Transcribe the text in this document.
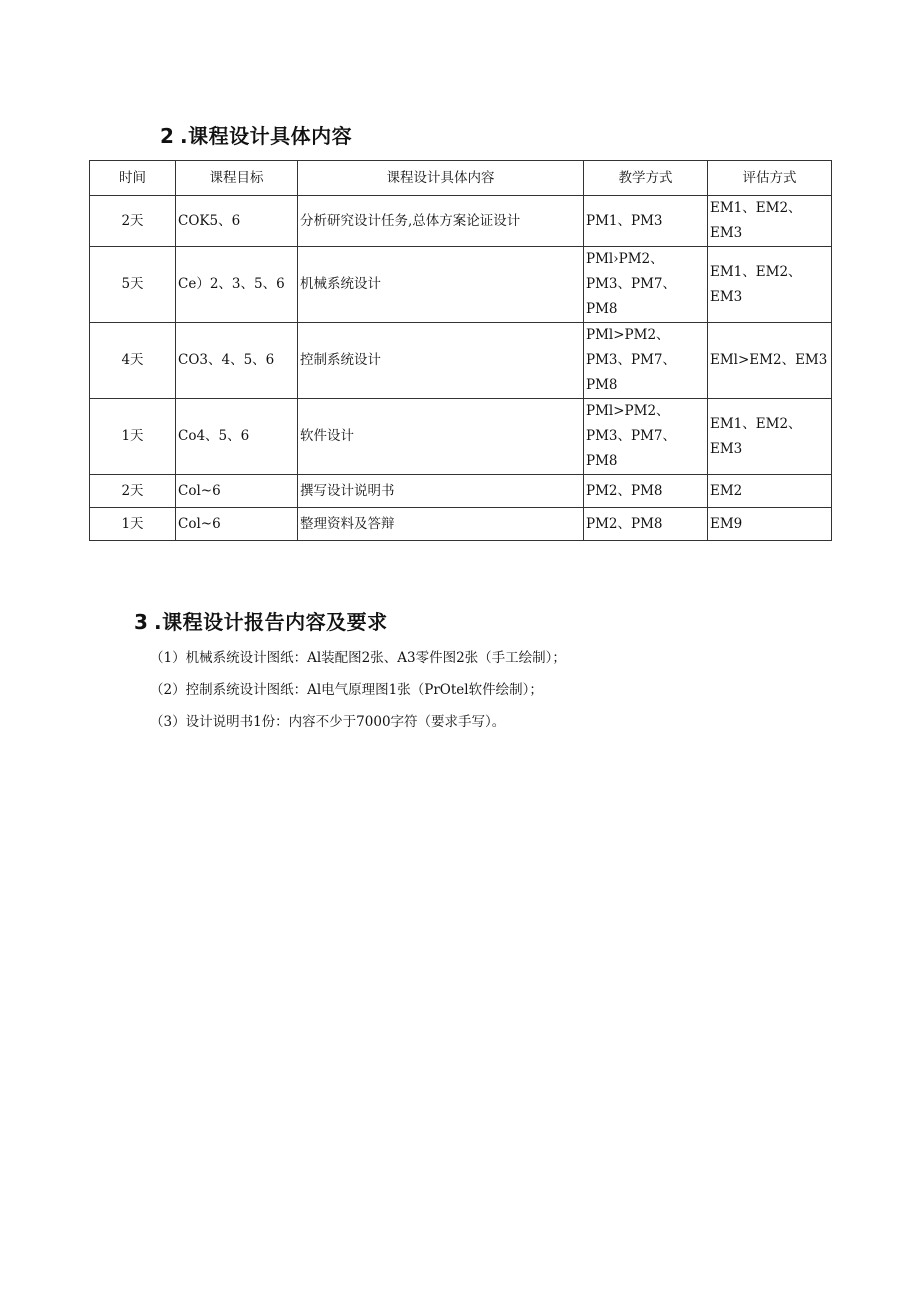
2 .课程设计具体内容
时间	课程目标	课程设计具体内容	教学方式	评估方式
2天	COK5、6	分析研究设计任务,总体方案论证设计	PM1、PM3	EM1、EM2、EM3
5天	Ce）2、3、5、6	机械系统设计	PMl›PM2、PM3、PM7、PM8	EM1、EM2、EM3
4天	CO3、4、5、6	控制系统设计	PMl>PM2、PM3、PM7、PM8	EMl>EM2、EM3
1天	Co4、5、6	软件设计	PMl>PM2、PM3、PM7、PM8	EM1、EM2、EM3
2天	Col~6	撰写设计说明书	PM2、PM8	EM2
1天	Col~6	整理资料及答辩	PM2、PM8	EM9
3 .课程设计报告内容及要求
（1）机械系统设计图纸：Al装配图2张、A3零件图2张（手工绘制）；
（2）控制系统设计图纸：Al电气原理图1张（PrOtel软件绘制）；
（3）设计说明书1份：内容不少于7000字符（要求手写）。
